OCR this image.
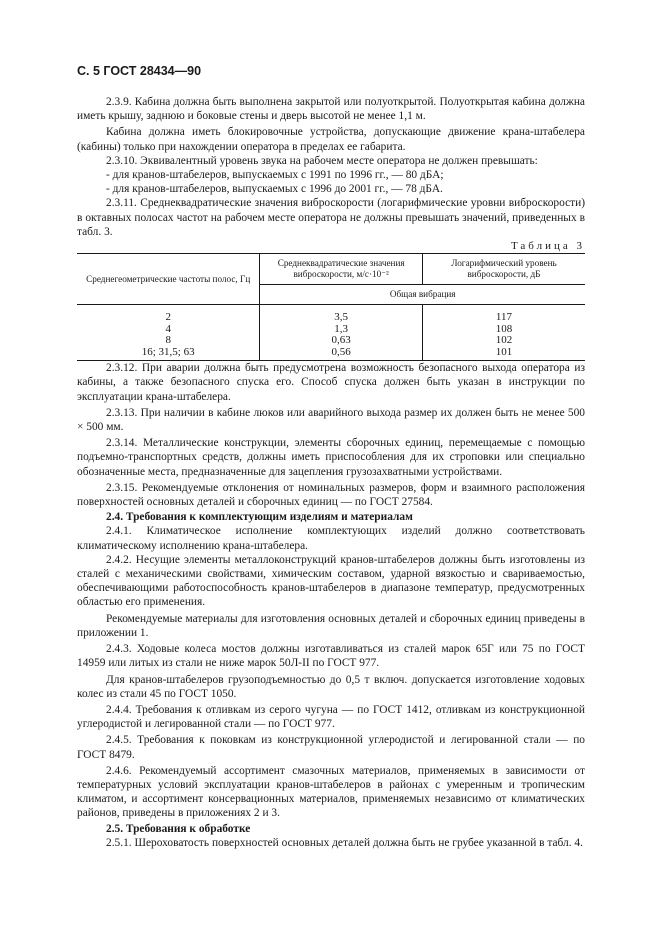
С. 5 ГОСТ 28434—90

2.3.9. Кабина должна быть выполнена закрытой или полуоткрытой. Полуоткрытая кабина должна иметь крышу, заднюю и боковые стены и дверь высотой не менее 1,1 м.

Кабина должна иметь блокировочные устройства, допускающие движение крана-штабелера (кабины) только при нахождении оператора в пределах ее габарита.

2.3.10. Эквивалентный уровень звука на рабочем месте оператора не должен превышать:

- для кранов-штабелеров, выпускаемых с 1991 по 1996 гг., — 80 дБА;

- для кранов-штабелеров, выпускаемых с 1996 до 2001 гг., — 78 дБА.

2.3.11. Среднеквадратические значения виброскорости (логарифмические уровни виброскорости) в октавных полосах частот на рабочем месте оператора не должны превышать значений, приведенных в табл. 3.

Таблица 3

Среднегеометрические частоты полос, Гц	Среднеквадратические значения виброскорости, м/с·10⁻²	Логарифмический уровень виброскорости, дБ
	Общая вибрация	
2	3,5	117
4	1,3	108
8	0,63	102
16; 31,5; 63	0,56	101

2.3.12. При аварии должна быть предусмотрена возможность безопасного выхода оператора из кабины, а также безопасного спуска его. Способ спуска должен быть указан в инструкции по эксплуатации крана-штабелера.

2.3.13. При наличии в кабине люков или аварийного выхода размер их должен быть не менее 500 × 500 мм.

2.3.14. Металлические конструкции, элементы сборочных единиц, перемещаемые с помощью подъемно-транспортных средств, должны иметь приспособления для их строповки или специально обозначенные места, предназначенные для зацепления грузозахватными устройствами.

2.3.15. Рекомендуемые отклонения от номинальных размеров, форм и взаимного расположения поверхностей основных деталей и сборочных единиц — по ГОСТ 27584.

2.4. Требования к комплектующим изделиям и материалам

2.4.1. Климатическое исполнение комплектующих изделий должно соответствовать климатическому исполнению крана-штабелера.

2.4.2. Несущие элементы металлоконструкций кранов-штабелеров должны быть изготовлены из сталей с механическими свойствами, химическим составом, ударной вязкостью и свариваемостью, обеспечивающими работоспособность кранов-штабелеров в диапазоне температур, предусмотренных областью его применения.

Рекомендуемые материалы для изготовления основных деталей и сборочных единиц приведены в приложении 1.

2.4.3. Ходовые колеса мостов должны изготавливаться из сталей марок 65Г или 75 по ГОСТ 14959 или литых из стали не ниже марок 50Л-II по ГОСТ 977.

Для кранов-штабелеров грузоподъемностью до 0,5 т включ. допускается изготовление ходовых колес из стали 45 по ГОСТ 1050.

2.4.4. Требования к отливкам из серого чугуна — по ГОСТ 1412, отливкам из конструкционной углеродистой и легированной стали — по ГОСТ 977.

2.4.5. Требования к поковкам из конструкционной углеродистой и легированной стали — по ГОСТ 8479.

2.4.6. Рекомендуемый ассортимент смазочных материалов, применяемых в зависимости от температурных условий эксплуатации кранов-штабелеров в районах с умеренным и тропическим климатом, и ассортимент консервационных материалов, применяемых независимо от климатических районов, приведены в приложениях 2 и 3.

2.5. Требования к обработке

2.5.1. Шероховатость поверхностей основных деталей должна быть не грубее указанной в табл. 4.
